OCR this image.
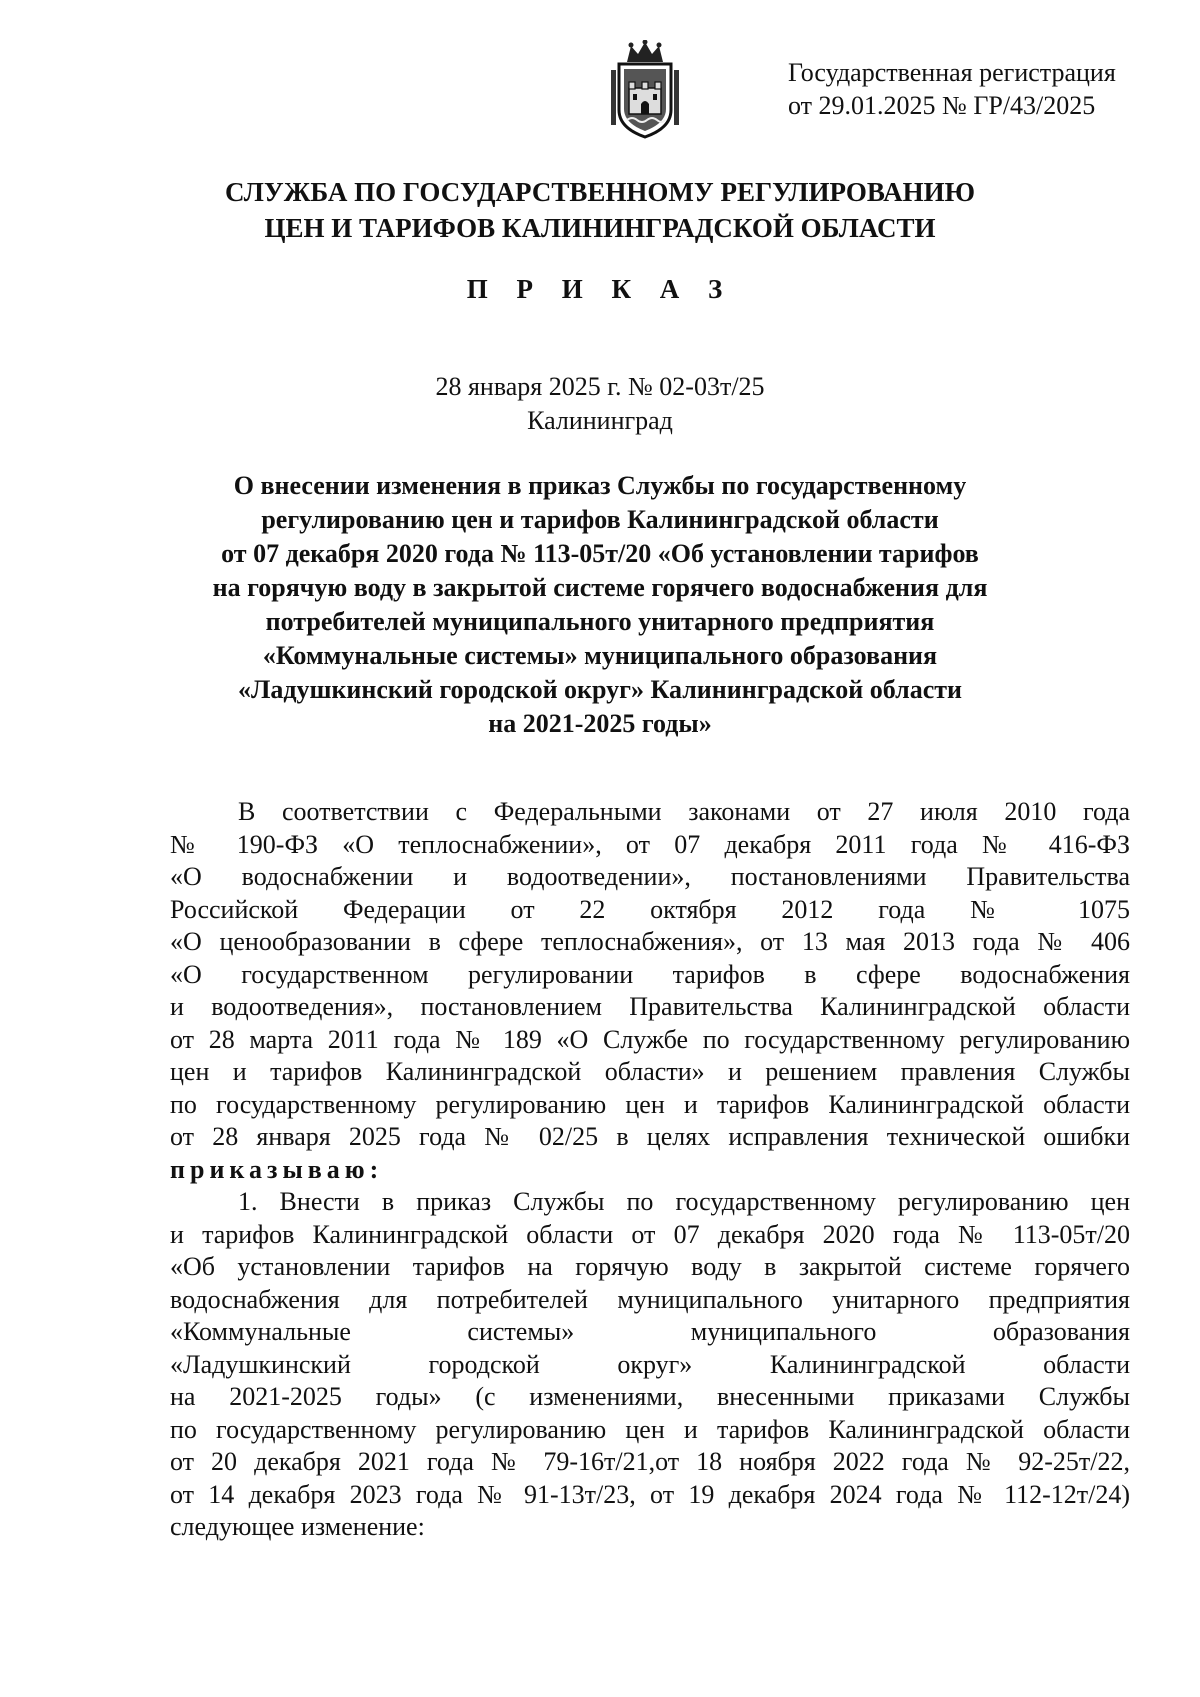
Государственная регистрация
от 29.01.2025 № ГР/43/2025
СЛУЖБА ПО ГОСУДАРСТВЕННОМУ РЕГУЛИРОВАНИЮ
ЦЕН И ТАРИФОВ КАЛИНИНГРАДСКОЙ ОБЛАСТИ
П Р И К А З
28 января 2025 г. № 02-03т/25
Калининград
О внесении изменения в приказ Службы по государственному
регулированию цен и тарифов Калининградской области
от 07 декабря 2020 года № 113-05т/20 «Об установлении тарифов
на горячую воду в закрытой системе горячего водоснабжения для
потребителей муниципального унитарного предприятия
«Коммунальные системы» муниципального образования
«Ладушкинский городской округ» Калининградской области
на 2021-2025 годы»
В соответствии с Федеральными законами от 27 июля 2010 года
№ 190-ФЗ «О теплоснабжении», от 07 декабря 2011 года № 416-ФЗ
«О водоснабжении и водоотведении», постановлениями Правительства
Российской Федерации от 22 октября 2012 года № 1075
«О ценообразовании в сфере теплоснабжения», от 13 мая 2013 года № 406
«О государственном регулировании тарифов в сфере водоснабжения
и водоотведения», постановлением Правительства Калининградской области
от 28 марта 2011 года № 189 «О Службе по государственному регулированию
цен и тарифов Калининградской области» и решением правления Службы
по государственному регулированию цен и тарифов Калининградской области
от 28 января 2025 года № 02/25 в целях исправления технической ошибки
приказываю:
1. Внести в приказ Службы по государственному регулированию цен
и тарифов Калининградской области от 07 декабря 2020 года № 113-05т/20
«Об установлении тарифов на горячую воду в закрытой системе горячего
водоснабжения для потребителей муниципального унитарного предприятия
«Коммунальные системы» муниципального образования
«Ладушкинский городской округ» Калининградской области
на 2021-2025 годы» (с изменениями, внесенными приказами Службы
по государственному регулированию цен и тарифов Калининградской области
от 20 декабря 2021 года № 79-16т/21,от 18 ноября 2022 года № 92-25т/22,
от 14 декабря 2023 года № 91-13т/23, от 19 декабря 2024 года № 112-12т/24)
следующее изменение:
